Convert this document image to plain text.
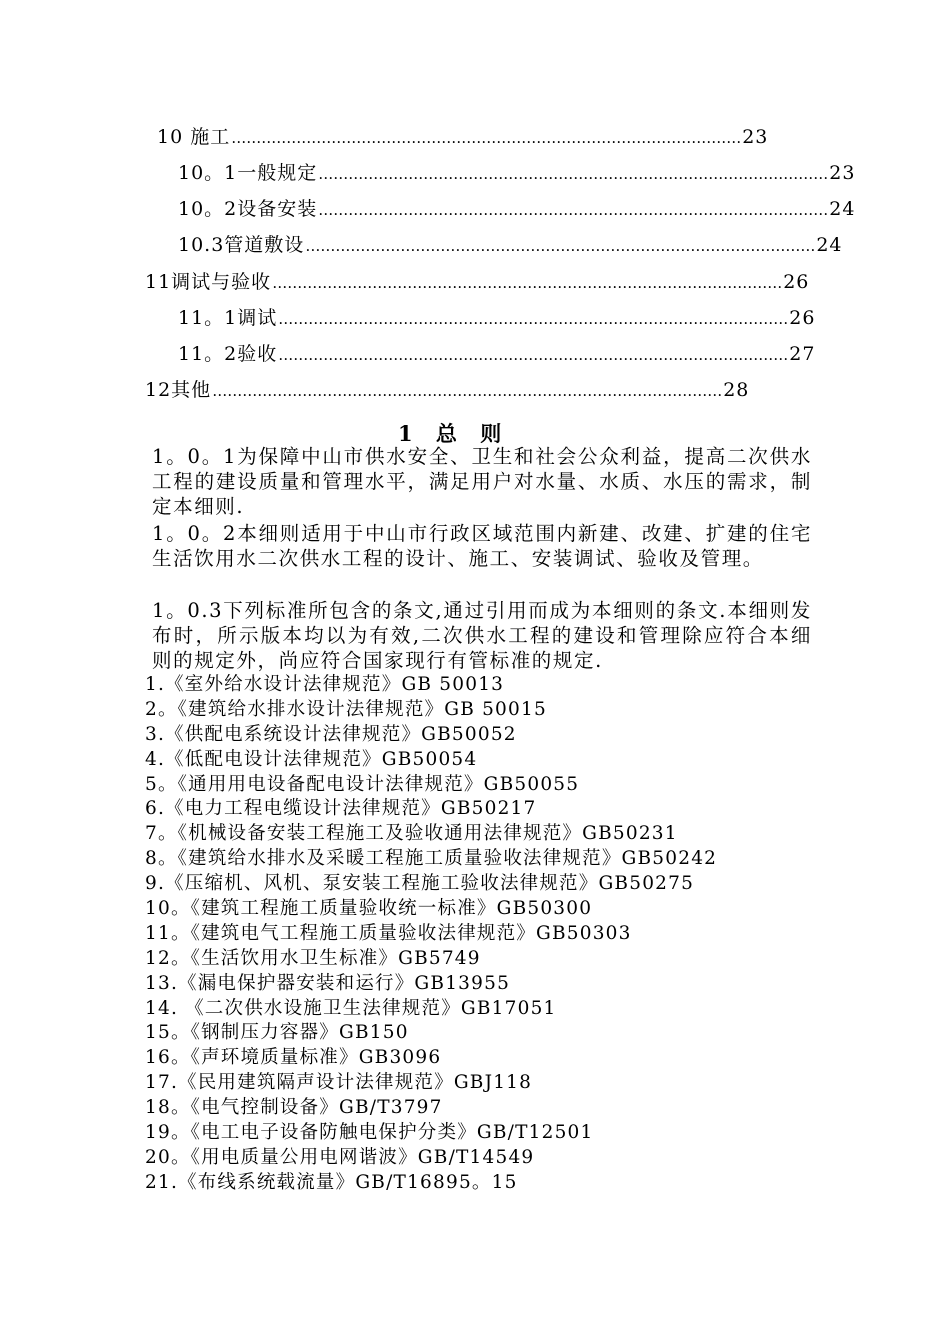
10 施工 ………………………………………………………………………………………… 23
10。1一般规定 ………………………………………………………………………………………… 23
10。2设备安装 ………………………………………………………………………………………… 24
10.3管道敷设 ………………………………………………………………………………………… 24
11调试与验收 ………………………………………………………………………………………… 26
11。1调试 ………………………………………………………………………………………… 26
11。2验收 ………………………………………………………………………………………… 27
12其他 ………………………………………………………………………………………… 28
1 总 则
1。0。1为保障中山市供水安全、卫生和社会公众利益，提高二次供水工程的建设质量和管理水平，满足用户对水量、水质、水压的需求，制定本细则.
1。0。2本细则适用于中山市行政区域范围内新建、改建、扩建的住宅生活饮用水二次供水工程的设计、施工、安装调试、验收及管理。
1。0.3下列标准所包含的条文,通过引用而成为本细则的条文.本细则发布时，所示版本均以为有效,二次供水工程的建设和管理除应符合本细则的规定外，尚应符合国家现行有管标准的规定.
1.《室外给水设计法律规范》GB 50013
2。《建筑给水排水设计法律规范》GB 50015
3.《供配电系统设计法律规范》GB50052
4.《低配电设计法律规范》GB50054
5。《通用用电设备配电设计法律规范》GB50055
6.《电力工程电缆设计法律规范》GB50217
7。《机械设备安装工程施工及验收通用法律规范》GB50231
8。《建筑给水排水及采暖工程施工质量验收法律规范》GB50242
9.《压缩机、风机、泵安装工程施工验收法律规范》GB50275
10。《建筑工程施工质量验收统一标准》GB50300
11。《建筑电气工程施工质量验收法律规范》GB50303
12。《生活饮用水卫生标准》GB5749
13.《漏电保护器安装和运行》GB13955
14. 《二次供水设施卫生法律规范》GB17051
15。《钢制压力容器》GB150
16。《声环境质量标准》GB3096
17.《民用建筑隔声设计法律规范》GBJ118
18。《电气控制设备》GB/T3797
19。《电工电子设备防触电保护分类》GB/T12501
20。《用电质量公用电网谐波》GB/T14549
21.《布线系统载流量》GB/T16895。15
